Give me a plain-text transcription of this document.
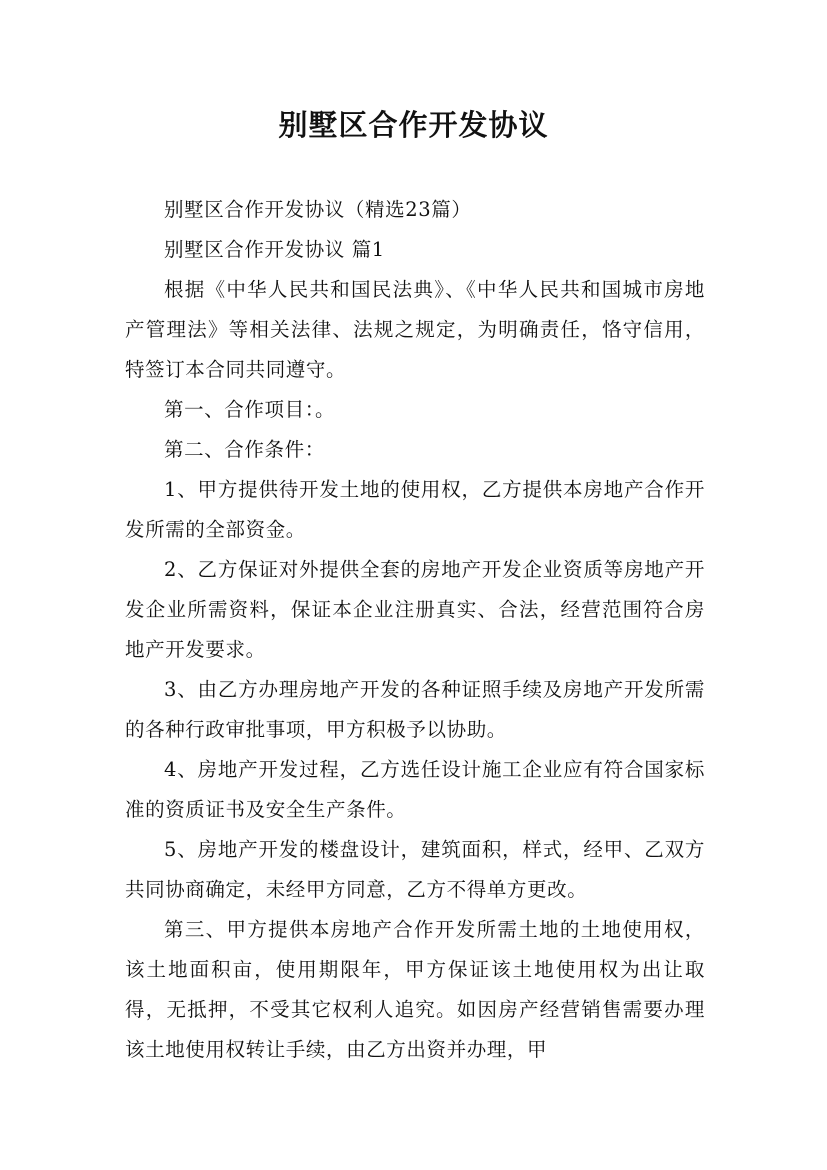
别墅区合作开发协议

别墅区合作开发协议（精选23篇）

别墅区合作开发协议 篇1

根据《中华人民共和国民法典》、《中华人民共和国城市房地产管理法》等相关法律、法规之规定，为明确责任，恪守信用，特签订本合同共同遵守。

第一、合作项目：。

第二、合作条件：

1、甲方提供待开发土地的使用权，乙方提供本房地产合作开发所需的全部资金。

2、乙方保证对外提供全套的房地产开发企业资质等房地产开发企业所需资料，保证本企业注册真实、合法，经营范围符合房地产开发要求。

3、由乙方办理房地产开发的各种证照手续及房地产开发所需的各种行政审批事项，甲方积极予以协助。

4、房地产开发过程，乙方选任设计施工企业应有符合国家标准的资质证书及安全生产条件。

5、房地产开发的楼盘设计，建筑面积，样式，经甲、乙双方共同协商确定，未经甲方同意，乙方不得单方更改。

第三、甲方提供本房地产合作开发所需土地的土地使用权，该土地面积亩，使用期限年，甲方保证该土地使用权为出让取得，无抵押，不受其它权利人追究。如因房产经营销售需要办理该土地使用权转让手续，由乙方出资并办理，甲
